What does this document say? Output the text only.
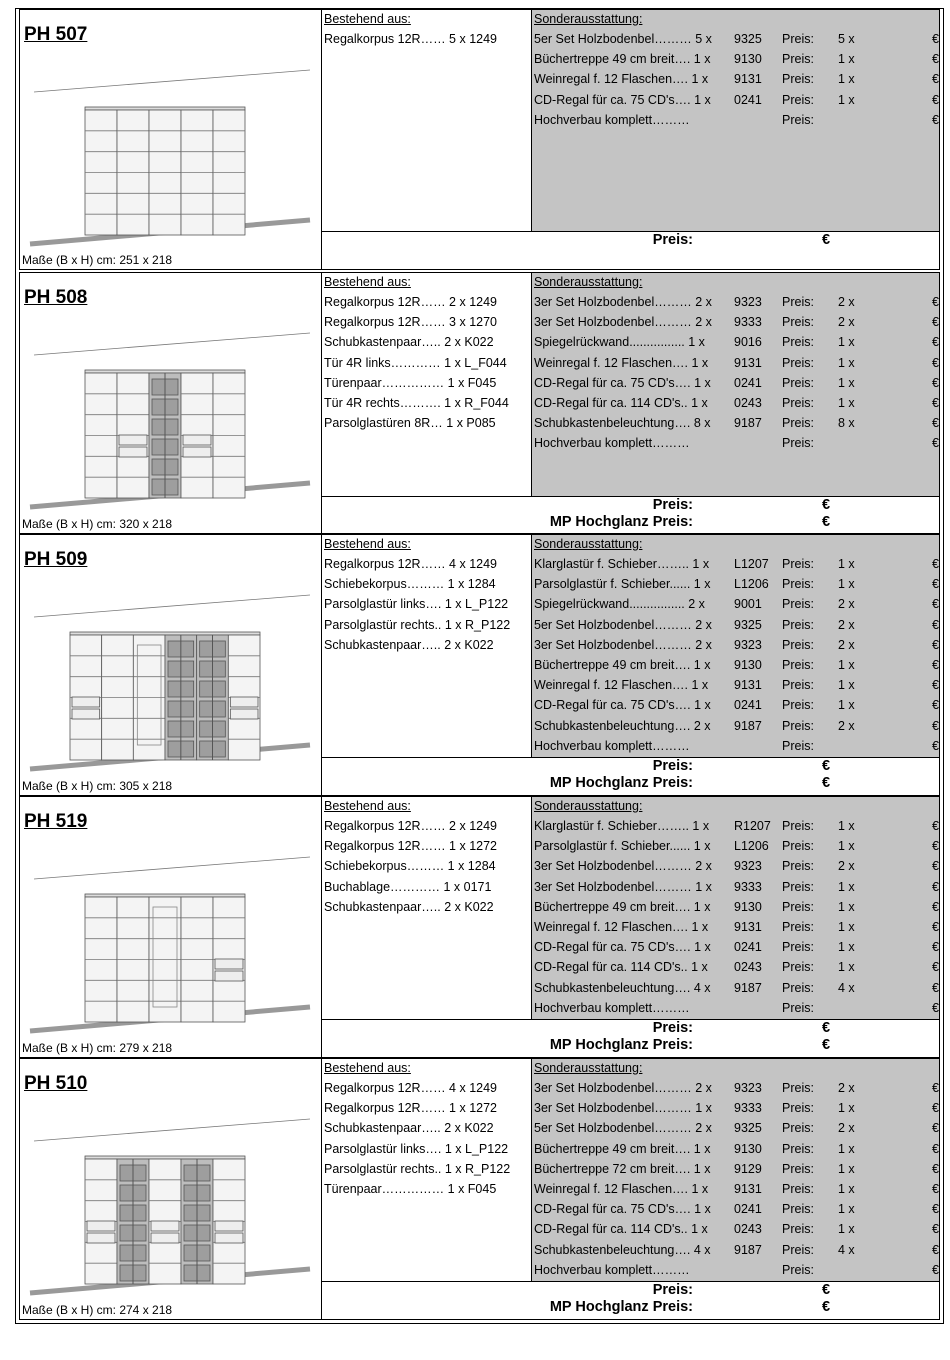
PH 507
Maße (B x H) cm: 251 x 218
Bestehend aus:
Regalkorpus 12R…… 5 x 1249
Sonderausstattung:
5er Set Holzbodenbel……… 5 x 9325 Preis: 5 x	€
Büchertreppe 49 cm breit…. 1 x 9130 Preis: 1 x	€
Weinregal f. 12 Flaschen…. 1 x 9131 Preis: 1 x	€
CD-Regal für ca. 75 CD's…. 1 x 0241 Preis: 1 x	€
Hochverbau komplett………	Preis:	€
Preis:	€
PH 508
Maße (B x H) cm: 320 x 218
Bestehend aus:
Regalkorpus 12R…… 2 x 1249
Regalkorpus 12R…… 3 x 1270
Schubkastenpaar….. 2 x K022
Tür 4R links………… 1 x L_F044
Türenpaar…………… 1 x F045
Tür 4R rechts………. 1 x R_F044
Parsolglastüren 8R… 1 x P085
Sonderausstattung:
3er Set Holzbodenbel……… 2 x 9323 Preis: 2 x	€
3er Set Holzbodenbel……… 2 x 9333 Preis: 2 x	€
Spiegelrückwand................ 1 x 9016 Preis: 1 x	€
Weinregal f. 12 Flaschen…. 1 x 9131 Preis: 1 x	€
CD-Regal für ca. 75 CD's…. 1 x 0241 Preis: 1 x	€
CD-Regal für ca. 114 CD's.. 1 x 0243 Preis: 1 x	€
Schubkastenbeleuchtung…. 8 x 9187 Preis: 8 x	€
Hochverbau komplett………	Preis:	€
Preis:	€
MP Hochglanz Preis:	€
PH 509
Maße (B x H) cm: 305 x 218
Bestehend aus:
Regalkorpus 12R…… 4 x 1249
Schiebekorpus……… 1 x 1284
Parsolglastür links…. 1 x L_P122
Parsolglastür rechts.. 1 x R_P122
Schubkastenpaar….. 2 x K022
Sonderausstattung:
Klarglastür f. Schieber…….. 1 x L1207 Preis: 1 x	€
Parsolglastür f. Schieber...... 1 x L1206 Preis: 1 x	€
Spiegelrückwand................ 2 x 9001 Preis: 2 x	€
5er Set Holzbodenbel……… 2 x 9325 Preis: 2 x	€
3er Set Holzbodenbel……… 2 x 9323 Preis: 2 x	€
Büchertreppe 49 cm breit…. 1 x 9130 Preis: 1 x	€
Weinregal f. 12 Flaschen…. 1 x 9131 Preis: 1 x	€
CD-Regal für ca. 75 CD's…. 1 x 0241 Preis: 1 x	€
Schubkastenbeleuchtung…. 2 x 9187 Preis: 2 x	€
Hochverbau komplett………	Preis:	€
Preis:	€
MP Hochglanz Preis:	€
PH 519
Maße (B x H) cm: 279 x 218
Bestehend aus:
Regalkorpus 12R…… 2 x 1249
Regalkorpus 12R…… 1 x 1272
Schiebekorpus……… 1 x 1284
Buchablage………… 1 x 0171
Schubkastenpaar….. 2 x K022
Sonderausstattung:
Klarglastür f. Schieber…….. 1 x R1207 Preis: 1 x	€
Parsolglastür f. Schieber...... 1 x L1206 Preis: 1 x	€
3er Set Holzbodenbel……… 2 x 9323 Preis: 2 x	€
3er Set Holzbodenbel……… 1 x 9333 Preis: 1 x	€
Büchertreppe 49 cm breit…. 1 x 9130 Preis: 1 x	€
Weinregal f. 12 Flaschen…. 1 x 9131 Preis: 1 x	€
CD-Regal für ca. 75 CD's…. 1 x 0241 Preis: 1 x	€
CD-Regal für ca. 114 CD's.. 1 x 0243 Preis: 1 x	€
Schubkastenbeleuchtung…. 4 x 9187 Preis: 4 x	€
Hochverbau komplett………	Preis:	€
Preis:	€
MP Hochglanz Preis:	€
PH 510
Maße (B x H) cm: 274 x 218
Bestehend aus:
Regalkorpus 12R…… 4 x 1249
Regalkorpus 12R…… 1 x 1272
Schubkastenpaar….. 2 x K022
Parsolglastür links…. 1 x L_P122
Parsolglastür rechts.. 1 x R_P122
Türenpaar…………… 1 x F045
Sonderausstattung:
3er Set Holzbodenbel……… 2 x 9323 Preis: 2 x	€
3er Set Holzbodenbel……… 1 x 9333 Preis: 1 x	€
5er Set Holzbodenbel……… 2 x 9325 Preis: 2 x	€
Büchertreppe 49 cm breit…. 1 x 9130 Preis: 1 x	€
Büchertreppe 72 cm breit…. 1 x 9129 Preis: 1 x	€
Weinregal f. 12 Flaschen…. 1 x 9131 Preis: 1 x	€
CD-Regal für ca. 75 CD's…. 1 x 0241 Preis: 1 x	€
CD-Regal für ca. 114 CD's.. 1 x 0243 Preis: 1 x	€
Schubkastenbeleuchtung…. 4 x 9187 Preis: 4 x	€
Hochverbau komplett………	Preis:	€
Preis:	€
MP Hochglanz Preis:	€
